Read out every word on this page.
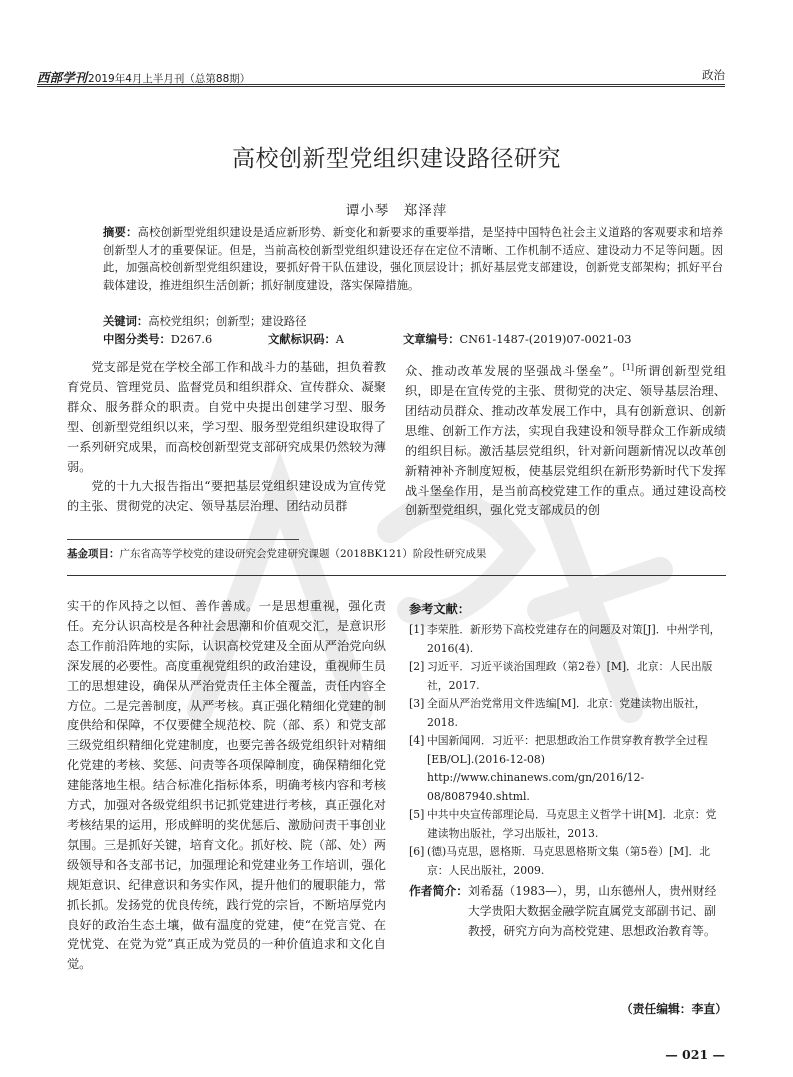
西部学刊2019年4月上半月刊（总第88期）	政治
高校创新型党组织建设路径研究
谭小琴　郑泽萍
摘要：高校创新型党组织建设是适应新形势、新变化和新要求的重要举措，是坚持中国特色社会主义道路的客观要求和培养创新型人才的重要保证。但是，当前高校创新型党组织建设还存在定位不清晰、工作机制不适应、建设动力不足等问题。因此，加强高校创新型党组织建设，要抓好骨干队伍建设，强化顶层设计；抓好基层党支部建设，创新党支部架构；抓好平台载体建设，推进组织生活创新；抓好制度建设，落实保障措施。
关键词：高校党组织；创新型；建设路径
中图分类号：D267.6	文献标识码：A	文章编号：CN61-1487-(2019)07-0021-03

党支部是党在学校全部工作和战斗力的基础，担负着教育党员、管理党员、监督党员和组织群众、宣传群众、凝聚群众、服务群众的职责。自党中央提出创建学习型、服务型、创新型党组织以来，学习型、服务型党组织建设取得了一系列研究成果，而高校创新型党支部研究成果仍然较为薄弱。

党的十九大报告指出“要把基层党组织建设成为宣传党的主张、贯彻党的决定、领导基层治理、团结动员群

众、推动改革发展的坚强战斗堡垒”。[1]所谓创新型党组织，即是在宣传党的主张、贯彻党的决定、领导基层治理、团结动员群众、推动改革发展工作中，具有创新意识、创新思维、创新工作方法，实现自我建设和领导群众工作新成绩的组织目标。激活基层党组织，针对新问题新情况以改革创新精神补齐制度短板，使基层党组织在新形势新时代下发挥战斗堡垒作用，是当前高校党建工作的重点。通过建设高校创新型党组织，强化党支部成员的创

基金项目：广东省高等学校党的建设研究会党建研究课题（2018BK121）阶段性研究成果

实干的作风持之以恒、善作善成。一是思想重视，强化责任。充分认识高校是各种社会思潮和价值观交汇，是意识形态工作前沿阵地的实际，认识高校党建及全面从严治党向纵深发展的必要性。高度重视党组织的政治建设，重视师生员工的思想建设，确保从严治党责任主体全覆盖，责任内容全方位。二是完善制度，从严考核。真正强化精细化党建的制度供给和保障，不仅要健全规范校、院（部、系）和党支部三级党组织精细化党建制度，也要完善各级党组织针对精细化党建的考核、奖惩、问责等各项保障制度，确保精细化党建能落地生根。结合标准化指标体系，明确考核内容和考核方式，加强对各级党组织书记抓党建进行考核，真正强化对考核结果的运用，形成鲜明的奖优惩后、激励问责干事创业氛围。三是抓好关键，培育文化。抓好校、院（部、处）两级领导和各支部书记，加强理论和党建业务工作培训，强化规矩意识、纪律意识和务实作风，提升他们的履职能力，常抓长抓。发扬党的优良传统，践行党的宗旨，不断培厚党内良好的政治生态土壤，做有温度的党建，使“在党言党、在党忧党、在党为党”真正成为党员的一种价值追求和文化自觉。

参考文献：
[1] 李荣胜．新形势下高校党建存在的问题及对策[J]．中州学刊，2016(4).
[2] 习近平．习近平谈治国理政（第2卷）[M]．北京：人民出版社，2017.
[3] 全面从严治党常用文件选编[M]．北京：党建读物出版社，2018.
[4] 中国新闻网．习近平：把思想政治工作贯穿教育教学全过程[EB/OL].(2016-12-08) http://www.chinanews.com/gn/2016/12-08/8087940.shtml.
[5] 中共中央宣传部理论局．马克思主义哲学十讲[M]．北京：党建读物出版社，学习出版社，2013.
[6] (德)马克思，恩格斯．马克思恩格斯文集（第5卷）[M]．北京：人民出版社，2009.
作者简介： 刘希磊（1983—），男，山东德州人，贵州财经大学贵阳大数据金融学院直属党支部副书记、副教授，研究方向为高校党建、思想政治教育等。
（责任编辑：李直）
— 021 —
